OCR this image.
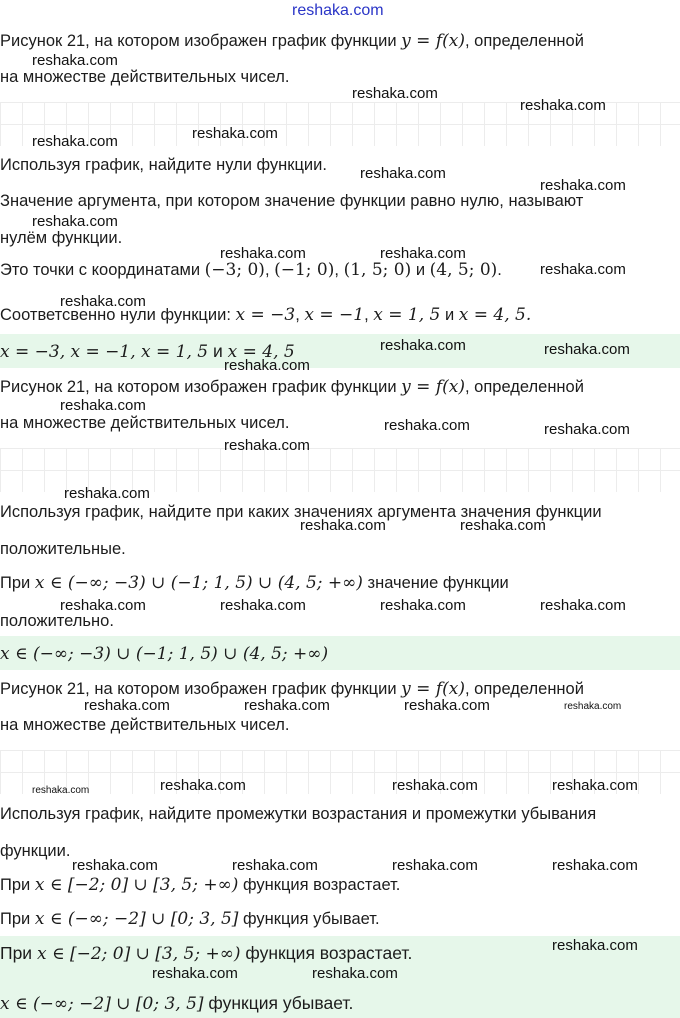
reshaka.com

Рисунок 21, на котором изображен график функции y = f(x), определенной

на множестве действительных чисел.

Используя график, найдите нули функции.

Значение аргумента, при котором значение функции равно нулю, называют

нулём функции.

Это точки с координатами (−3; 0), (−1; 0), (1, 5; 0) и (4, 5; 0).

Соответсвенно нули функции: x = −3, x = −1, x = 1, 5 и x = 4, 5.

x = −3, x = −1, x = 1, 5 и x = 4, 5

Рисунок 21, на котором изображен график функции y = f(x), определенной

на множестве действительных чисел.

Используя график, найдите при каких значениях аргумента значения функции

положительные.

При x ∈ (−∞; −3) ∪ (−1; 1, 5) ∪ (4, 5; +∞) значение функции

положительно.

x ∈ (−∞; −3) ∪ (−1; 1, 5) ∪ (4, 5; +∞)

Рисунок 21, на котором изображен график функции y = f(x), определенной

на множестве действительных чисел.

Используя график, найдите промежутки возрастания и промежутки убывания

функции.

При x ∈ [−2; 0] ∪ [3, 5; +∞) функция возрастает.

При x ∈ (−∞; −2] ∪ [0; 3, 5] функция убывает.

При x ∈ [−2; 0] ∪ [3, 5; +∞) функция возрастает.

x ∈ (−∞; −2] ∪ [0; 3, 5] функция убывает.

reshaka.com
reshaka.com
reshaka.com
reshaka.com	reshaka.com
reshaka.com
reshaka.com
reshaka.com
reshaka.com	reshaka.com
reshaka.com
reshaka.com
reshaka.com	reshaka.com
reshaka.com
reshaka.com
reshaka.com	reshaka.com
reshaka.com
reshaka.com
reshaka.com	reshaka.com
reshaka.com	reshaka.com	reshaka.com	reshaka.com
reshaka.com	reshaka.com	reshaka.com	reshaka.com
reshaka.com	reshaka.com	reshaka.com	reshaka.com
reshaka.com	reshaka.com	reshaka.com	reshaka.com
reshaka.com
reshaka.com	reshaka.com
